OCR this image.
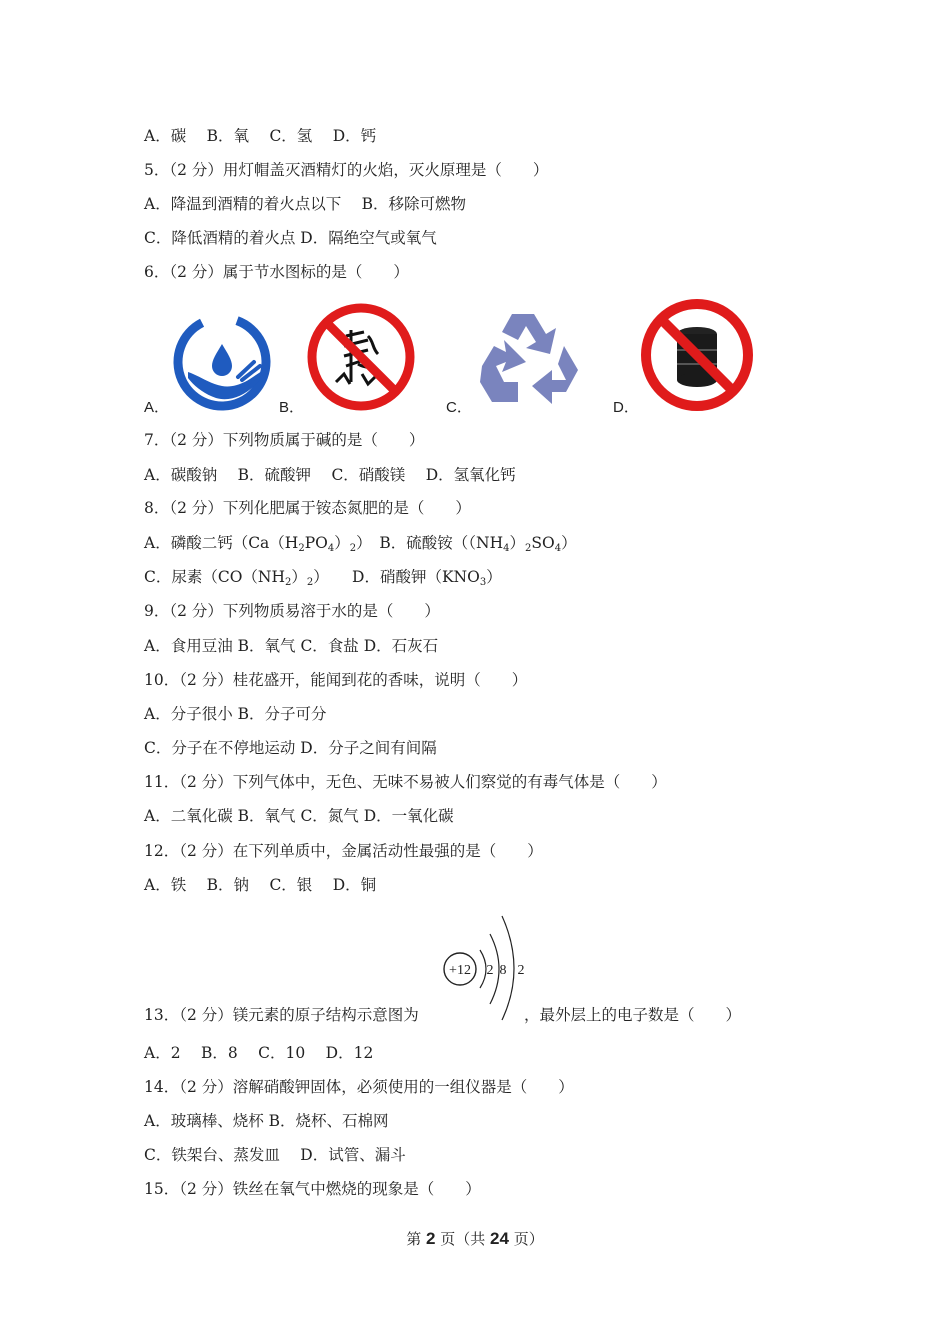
A．碳　 B．氧　 C．氢　 D．钙
5．（2 分）用灯帽盖灭酒精灯的火焰，灭火原理是（　　）
A．降温到酒精的着火点以下　 B．移除可燃物
C．降低酒精的着火点 D．隔绝空气或氧气
6．（2 分）属于节水图标的是（　　）
A．	B．	C．	D．
7．（2 分）下列物质属于碱的是（　　）
A．碳酸钠　 B．硫酸钾　 C．硝酸镁　 D．氢氧化钙
8．（2 分）下列化肥属于铵态氮肥的是（　　）
A．磷酸二钙$(Ca(H_2PO_4)_2)$　B．硫酸铵$((NH_4)_2SO_4)$
C．尿素$(CO(NH_2)_2)$　　D．硝酸钾$(KNO_3)$
9．（2 分）下列物质易溶于水的是（　　）
A．食用豆油 B．氧气 C．食盐 D．石灰石
10．（2 分）桂花盛开，能闻到花的香味，说明（　　）
A．分子很小 B．分子可分
C．分子在不停地运动 D．分子之间有间隔
11．（2 分）下列气体中，无色、无味不易被人们察觉的有毒气体是（　　）
A．二氧化碳 B．氧气 C．氮气 D．一氧化碳
12．（2 分）在下列单质中，金属活动性最强的是（　　）
A．铁　 B．钠　 C．银　 D．铜
+12 2 8 2
13．（2 分）镁元素的原子结构示意图为	，最外层上的电子数是（　　）
A．2　 B．8　 C．10　 D．12
14．（2 分）溶解硝酸钾固体，必须使用的一组仪器是（　　）
A．玻璃棒、烧杯 B．烧杯、石棉网
C．铁架台、蒸发皿　 D．试管、漏斗
15．（2 分）铁丝在氧气中燃烧的现象是（　　）
第 2 页（共 24 页）
